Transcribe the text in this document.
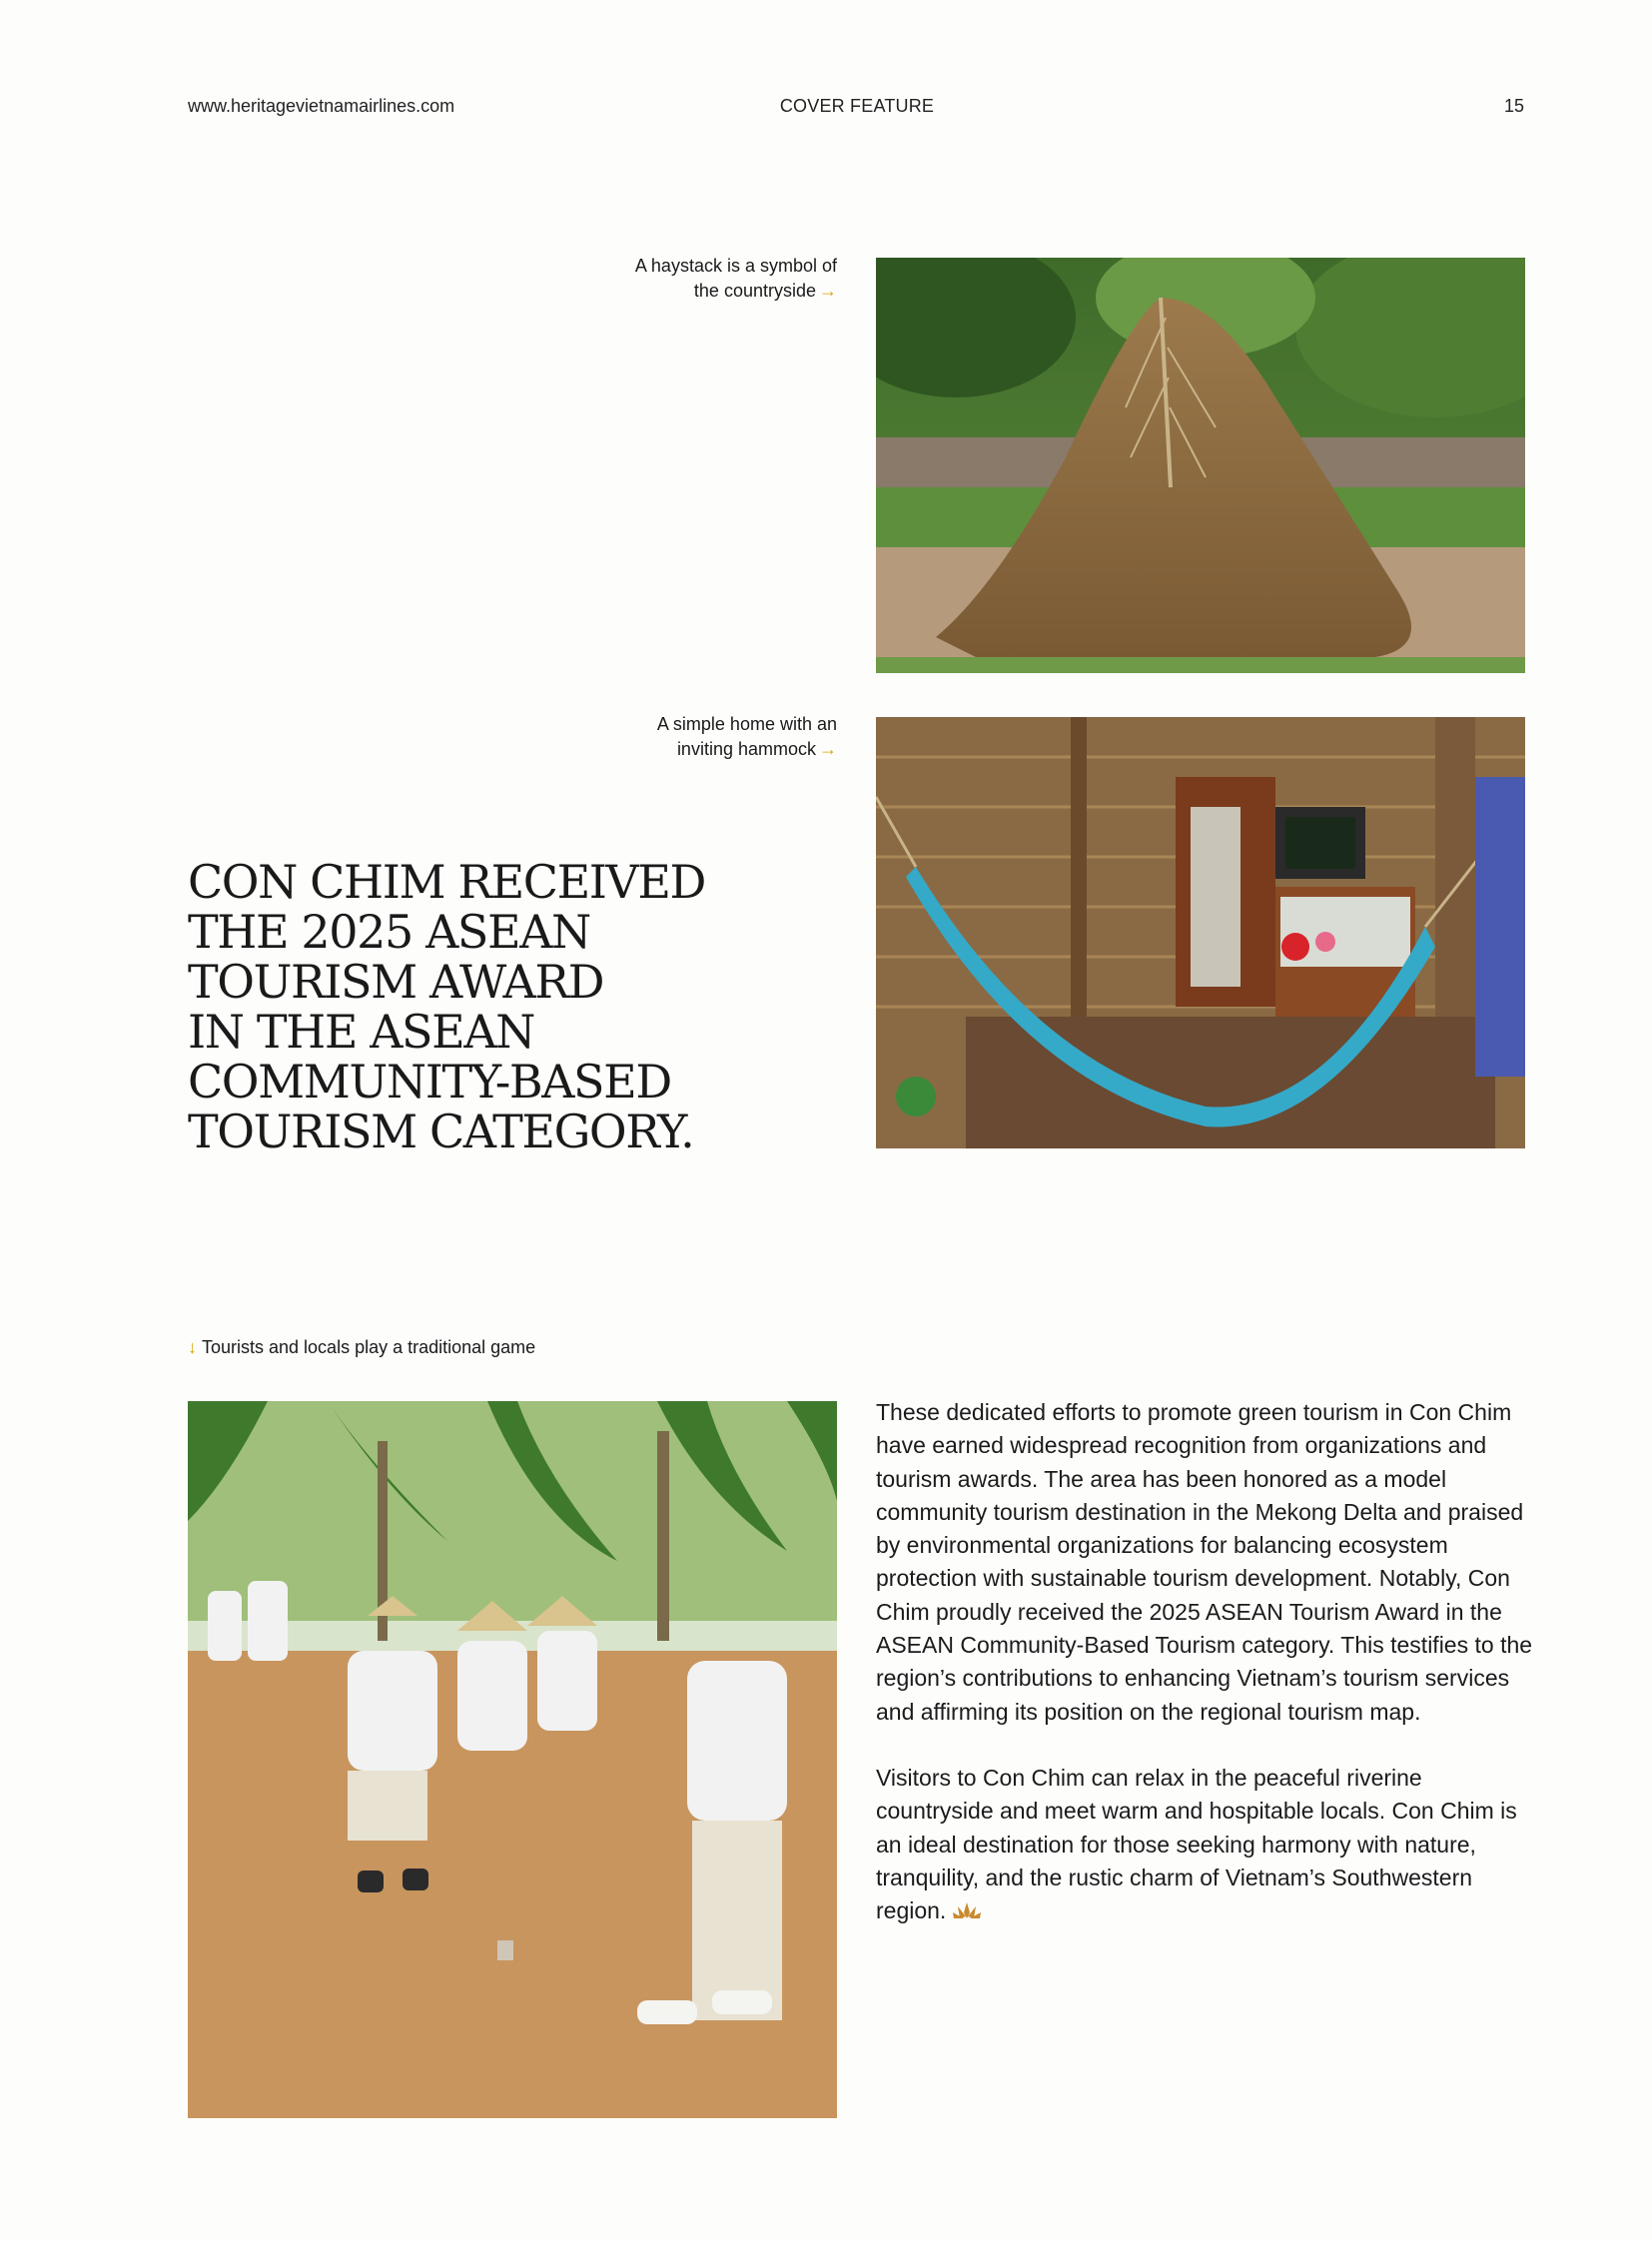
www.heritagevietnamairlines.com	COVER FEATURE	15
A haystack is a symbol of
the countryside →
A simple home with an
inviting hammock →
CON CHIM RECEIVED
THE 2025 ASEAN
TOURISM AWARD
IN THE ASEAN
COMMUNITY-BASED
TOURISM CATEGORY.
↓ Tourists and locals play a traditional game

These dedicated efforts to promote green tourism in Con Chim have earned widespread recognition from organizations and tourism awards. The area has been honored as a model community tourism destination in the Mekong Delta and praised by environmental organizations for balancing ecosystem protection with sustainable tourism development. Notably, Con Chim proudly received the 2025 ASEAN Tourism Award in the ASEAN Community-Based Tourism category. This testifies to the region’s contributions to enhancing Vietnam’s tourism services and affirming its position on the regional tourism map.

Visitors to Con Chim can relax in the peaceful riverine countryside and meet warm and hospitable locals. Con Chim is an ideal destination for those seeking harmony with nature, tranquility, and the rustic charm of Vietnam’s Southwestern region.
